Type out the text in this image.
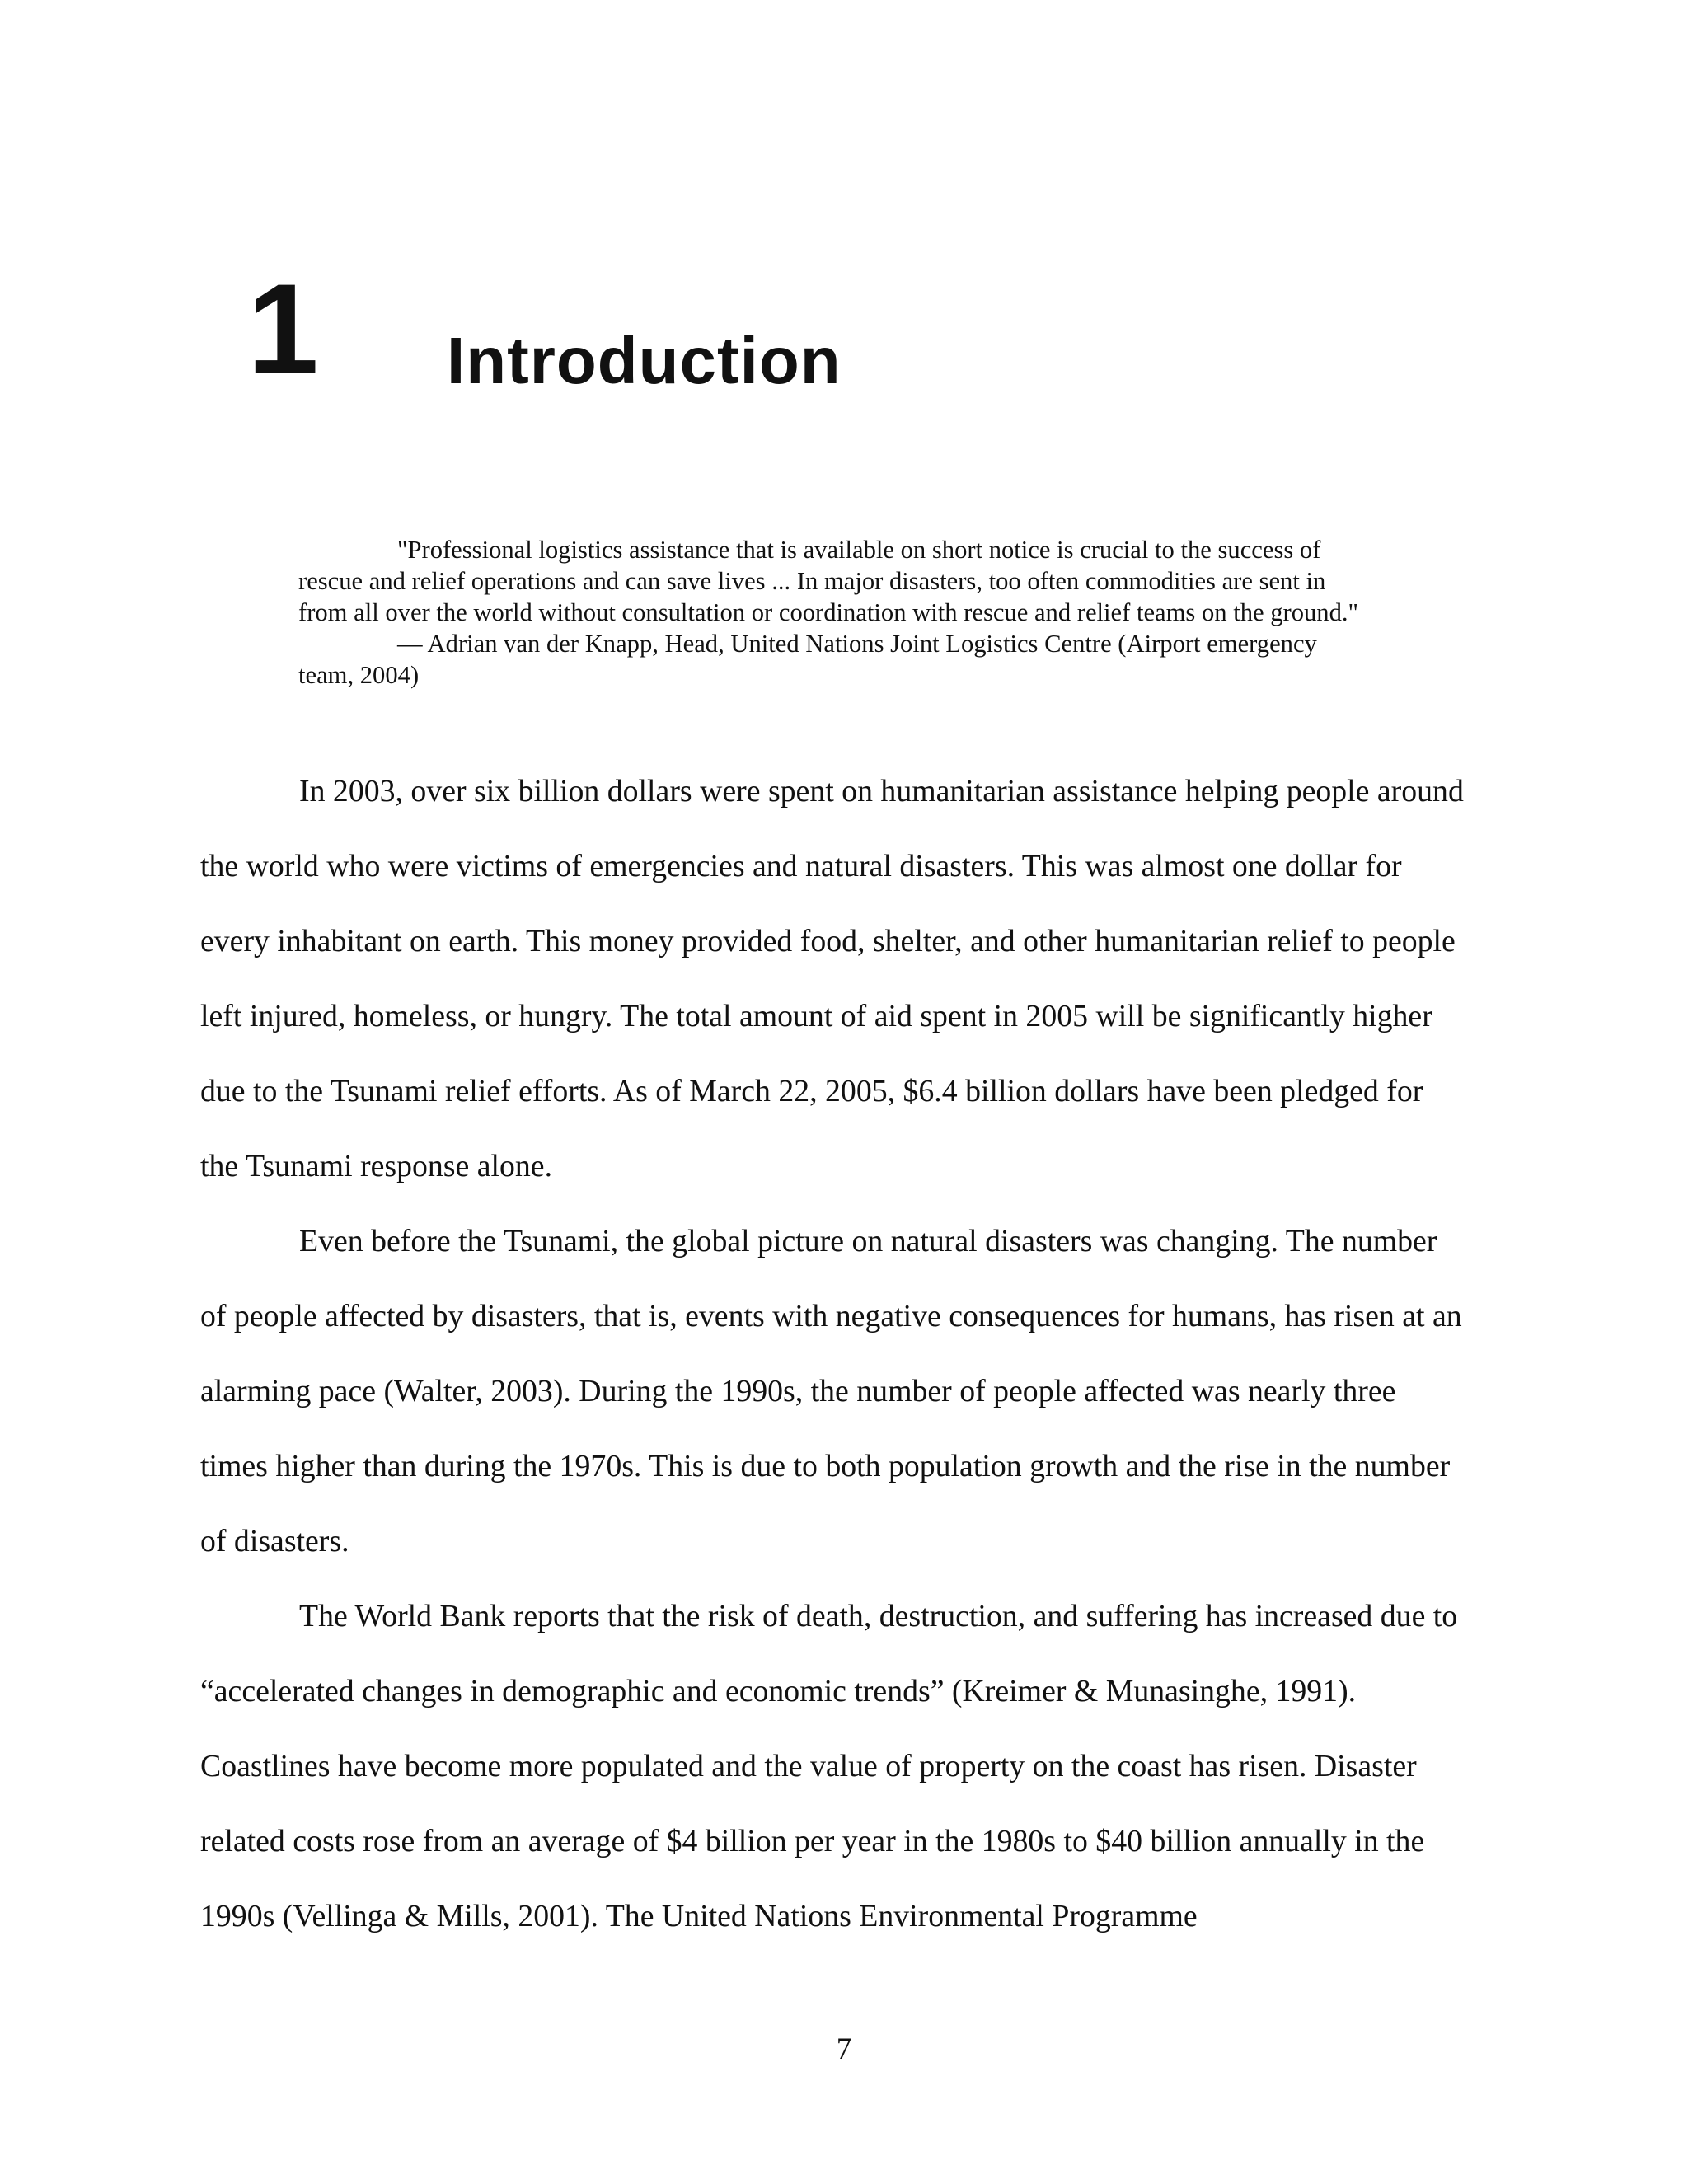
1 Introduction

"Professional logistics assistance that is available on short notice is crucial to the success of rescue and relief operations and can save lives ... In major disasters, too often commodities are sent in from all over the world without consultation or coordination with rescue and relief teams on the ground."

— Adrian van der Knapp, Head, United Nations Joint Logistics Centre (Airport emergency team, 2004)

In 2003, over six billion dollars were spent on humanitarian assistance helping people around the world who were victims of emergencies and natural disasters. This was almost one dollar for every inhabitant on earth. This money provided food, shelter, and other humanitarian relief to people left injured, homeless, or hungry. The total amount of aid spent in 2005 will be significantly higher due to the Tsunami relief efforts. As of March 22, 2005, $6.4 billion dollars have been pledged for the Tsunami response alone.

Even before the Tsunami, the global picture on natural disasters was changing. The number of people affected by disasters, that is, events with negative consequences for humans, has risen at an alarming pace (Walter, 2003). During the 1990s, the number of people affected was nearly three times higher than during the 1970s. This is due to both population growth and the rise in the number of disasters.

The World Bank reports that the risk of death, destruction, and suffering has increased due to “accelerated changes in demographic and economic trends” (Kreimer & Munasinghe, 1991). Coastlines have become more populated and the value of property on the coast has risen. Disaster related costs rose from an average of $4 billion per year in the 1980s to $40 billion annually in the 1990s (Vellinga & Mills, 2001). The United Nations Environmental Programme

7
